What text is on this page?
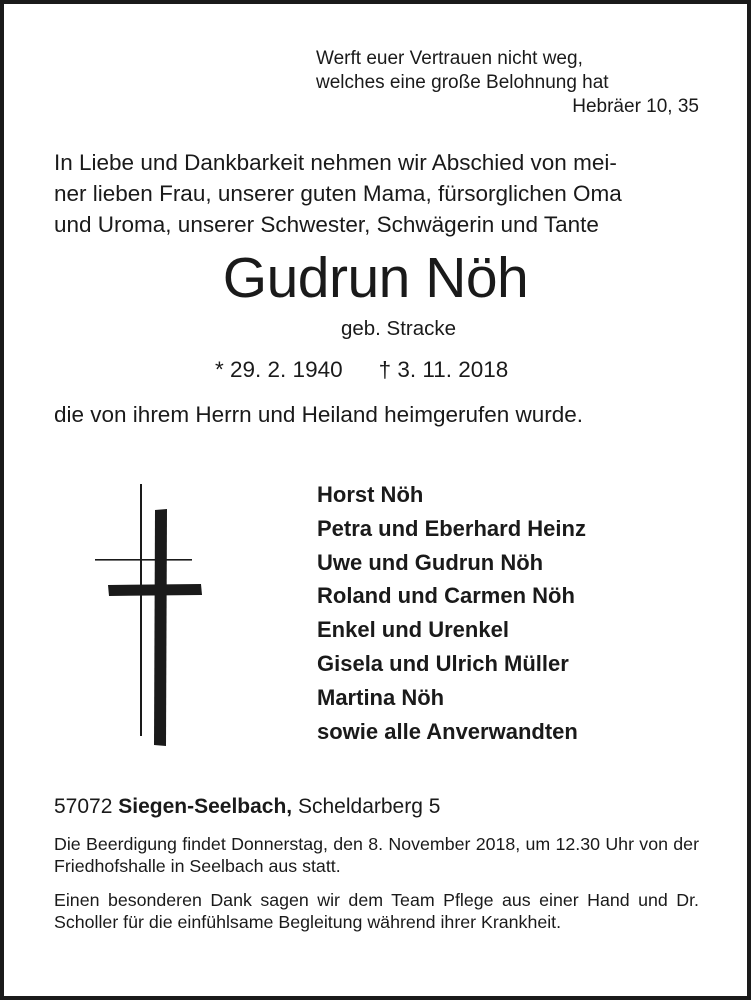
Werft euer Vertrauen nicht weg,
welches eine große Belohnung hat

Hebräer 10, 35

In Liebe und Dankbarkeit nehmen wir Abschied von mei-
ner lieben Frau, unserer guten Mama, fürsorglichen Oma
und Uroma, unserer Schwester, Schwägerin und Tante

Gudrun Nöh

geb. Stracke

* 29. 2. 1940 † 3. 11. 2018

die von ihrem Herrn und Heiland heimgerufen wurde.

Horst Nöh
Petra und Eberhard Heinz
Uwe und Gudrun Nöh
Roland und Carmen Nöh
Enkel und Urenkel
Gisela und Ulrich Müller
Martina Nöh
sowie alle Anverwandten

57072 Siegen-Seelbach, Scheldarberg 5

Die Beerdigung findet Donnerstag, den 8. November 2018, um 12.30 Uhr von der Friedhofshalle in Seelbach aus statt.

Einen besonderen Dank sagen wir dem Team Pflege aus einer Hand und Dr. Scholler für die einfühlsame Begleitung während ihrer Krankheit.
